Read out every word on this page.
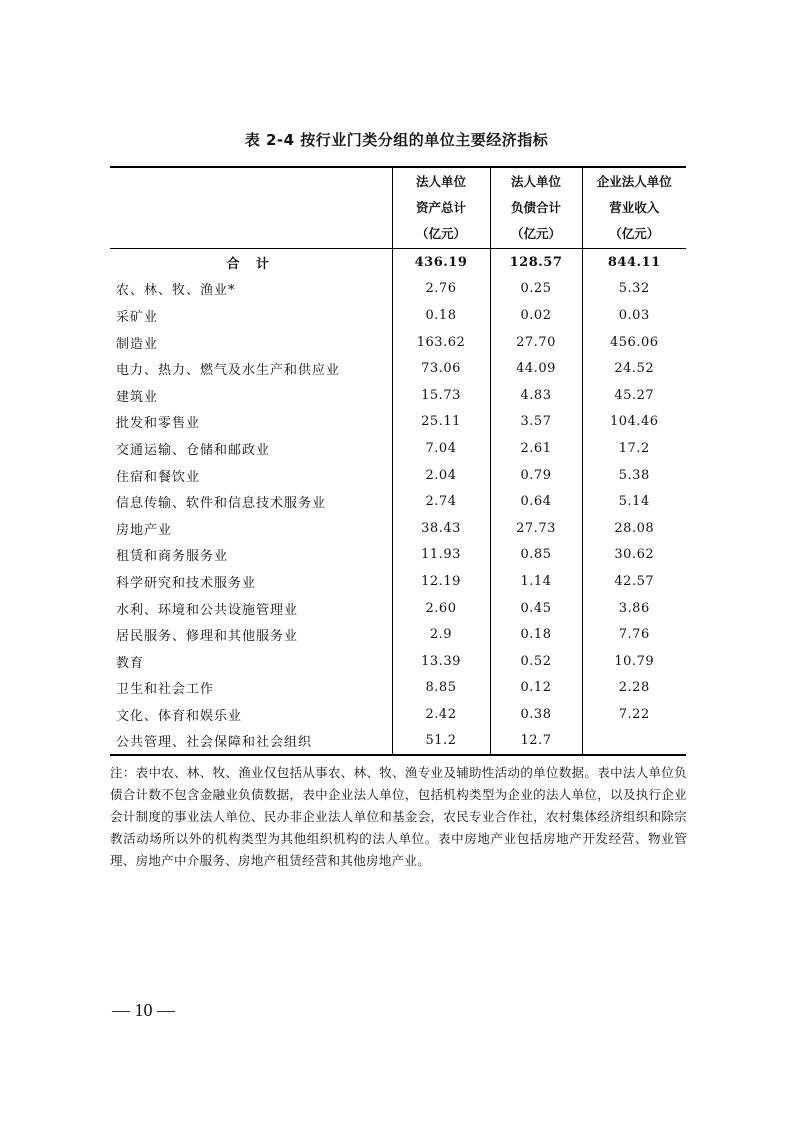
表 2-4 按行业门类分组的单位主要经济指标

	法人单位
资产总计
（亿元）	法人单位
负债合计
（亿元）	企业法人单位
营业收入
（亿元）

合 计	436.19	128.57	844.11
农、林、牧、渔业*	2.76	0.25	5.32
采矿业	0.18	0.02	0.03
制造业	163.62	27.70	456.06
电力、热力、燃气及水生产和供应业	73.06	44.09	24.52
建筑业	15.73	4.83	45.27
批发和零售业	25.11	3.57	104.46
交通运输、仓储和邮政业	7.04	2.61	17.2
住宿和餐饮业	2.04	0.79	5.38
信息传输、软件和信息技术服务业	2.74	0.64	5.14
房地产业	38.43	27.73	28.08
租赁和商务服务业	11.93	0.85	30.62
科学研究和技术服务业	12.19	1.14	42.57
水利、环境和公共设施管理业	2.60	0.45	3.86
居民服务、修理和其他服务业	2.9	0.18	7.76
教育	13.39	0.52	10.79
卫生和社会工作	8.85	0.12	2.28
文化、体育和娱乐业	2.42	0.38	7.22
公共管理、社会保障和社会组织	51.2	12.7	
注：表中农、林、牧、渔业仅包括从事农、林、牧、渔专业及辅助性活动的单位数据。表中法人单位负债合计数不包含金融业负债数据，表中企业法人单位，包括机构类型为企业的法人单位，以及执行企业会计制度的事业法人单位、民办非企业法人单位和基金会，农民专业合作社，农村集体经济组织和除宗教活动场所以外的机构类型为其他组织机构的法人单位。表中房地产业包括房地产开发经营、物业管理、房地产中介服务、房地产租赁经营和其他房地产业。
— 10 —
